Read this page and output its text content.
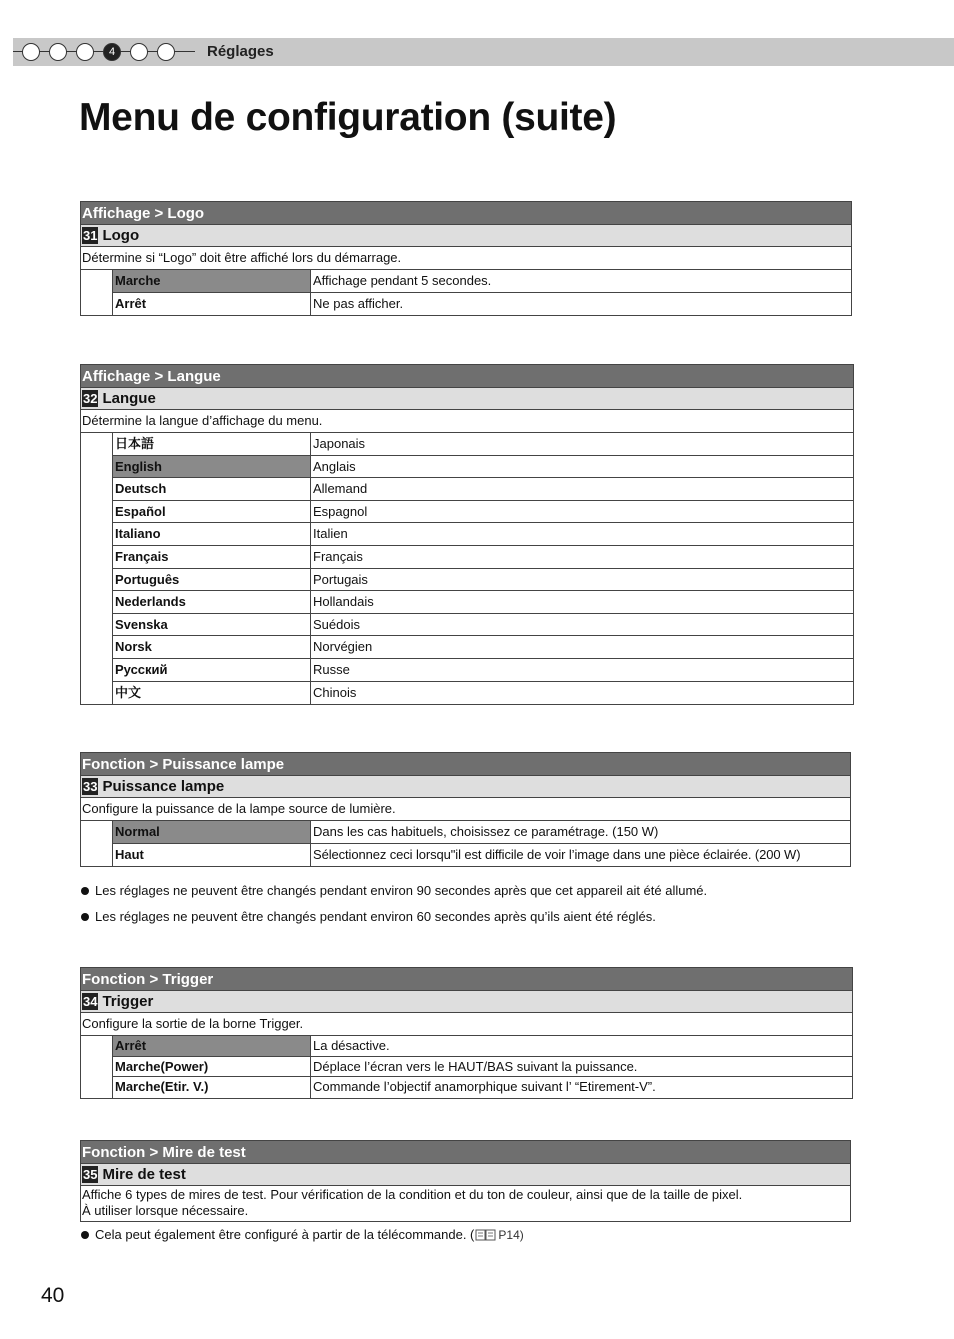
4	Réglages
Menu de configuration (suite)
Affichage > Logo
31 Logo
Détermine si “Logo” doit être affiché lors du démarrage.
Marche	Affichage pendant 5 secondes.
Arrêt	Ne pas afficher.
Affichage > Langue
32 Langue
Détermine la langue d’affichage du menu.
日本語	Japonais
English	Anglais
Deutsch	Allemand
Español	Espagnol
Italiano	Italien
Français	Français
Português	Portugais
Nederlands	Hollandais
Svenska	Suédois
Norsk	Norvégien
Русский	Russe
中文	Chinois
Fonction > Puissance lampe
33 Puissance lampe
Configure la puissance de la lampe source de lumière.
Normal	Dans les cas habituels, choisissez ce paramétrage. (150 W)
Haut	Sélectionnez ceci lorsqu"il est difficile de voir l’image dans une pièce éclairée. (200 W)
Les réglages ne peuvent être changés pendant environ 90 secondes après que cet appareil ait été allumé.
Les réglages ne peuvent être changés pendant environ 60 secondes après qu’ils aient été réglés.
Fonction > Trigger
34 Trigger
Configure la sortie de la borne Trigger.
Arrêt	La désactive.
Marche(Power)	Déplace l’écran vers le HAUT/BAS suivant la puissance.
Marche(Etir. V.)	Commande l’objectif anamorphique suivant l’ “Etirement-V”.
Fonction > Mire de test
35 Mire de test
Affiche 6 types de mires de test. Pour vérification de la condition et du ton de couleur, ainsi que de la taille de pixel.
À utiliser lorsque nécessaire.
Cela peut également être configuré à partir de la télécommande. ( P14)
40
